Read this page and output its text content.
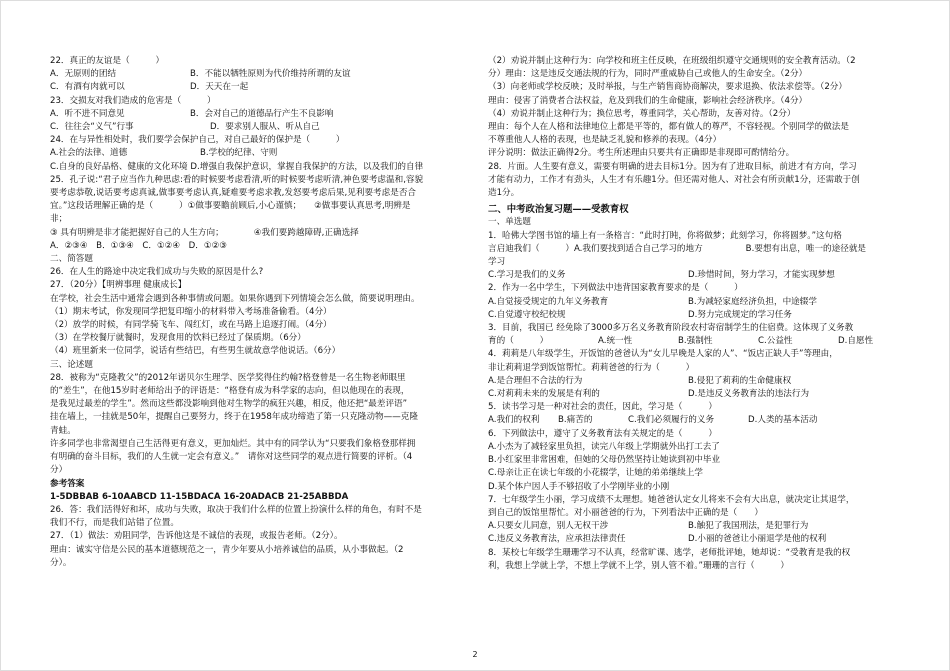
22．真正的友谊是（　　　）
A．无原则的团结	B．不能以牺牲原则为代价维持所谓的友谊
C．有酒有肉就可以	D．天天在一起
23．交损友对我们造成的危害是（　　　）
A．听不进不同意见	B．会对自己的道德品行产生不良影响
C．往往会“义气”行事	D．要求别人服从、听从自己
24．在与异性相处时，我们要学会保护自己，对自己最好的保护是（　　　）
A.社会的法律、道德	B.学校的纪律、守则
C.自身的良好品格、健康的文化环境 D.增强自我保护意识，掌握自我保护的方法，以及我们的自律
25．孔子说:“君子应当作九种思虑:看的时候要考虑看清,听的时候要考虑听清,神色要考虑温和,容貌
要考虑恭敬,说话要考虑真诚,做事要考虑认真,疑难要考虑求教,发怒要考虑后果,见利要考虑是否合
宜。”这段话理解正确的是（　　　）①做事要瞻前顾后,小心谨慎；　　②做事要认真思考,明辨是
非；
③ 具有明辨是非才能把握好自己的人生方向；　　　　④我们要跨越障碍,正确选择
A．②③④　B．①③④　C．①②④　D．①②③
二、简答题
26．在人生的路途中决定我们成功与失败的原因是什么?
27．（20分）【明辨事理 健康成长】
在学校，社会生活中通常会遇到各种事情或问题。如果你遇到下列情境会怎么做，简要说明理由。
（1）期末考试，你发现同学把复印缩小的材料带入考场准备偷看。（4分）
（2）放学的时候，有同学骑飞车、闯红灯，或在马路上追逐打闹。（4分）
（3）在学校餐厅就餐时，发现食用的饮料已经过了保质期。（6分）
（4）班里新来一位同学，说话有些结巴，有些男生就故意学他说话。（6分）
三、论述题
28．被称为“克隆教父”的2012年诺贝尔生理学、医学奖得住约翰?格登曾是一名生物老师眼里
的“差生”，在他15岁时老师给出予的评语是：“格登有成为科学家的志向，但以他现在的表现，
是我见过最差的学生”。然而这些都没影响到他对生物学的疯狂兴趣，相反，他还把“最差评语”
挂在墙上，一挂就是50年，提醒自己要努力，终于在1958年成功缔造了第一只克隆动物——克隆
青蛙。
许多同学也非常渴望自己生活得更有意义，更加灿烂。其中有的同学认为“只要我们象格登那样拥
有明确的奋斗目标，我们的人生就一定会有意义。”　请你对这些同学的观点进行简要的评析。（4
分）
参考答案
1-5DBBAB 6-10AABCD 11-15BDACA 16-20ADACB 21-25ABBDA
26．答：我们活得好和坏，成功与失败，取决于我们什么样的位置上扮演什么样的角色，有时不是
我们不行，而是我们站错了位置。
27．（1）做法：劝阻同学，告诉他这是不诚信的表现，或报告老师。（2分）。
理由：诚实守信是公民的基本道德规范之一，青少年要从小培养诚信的品质，从小事做起。（2
分）。
（2）劝说并制止这种行为：向学校和班主任反映，在班级组织遵守交通规则的安全教育活动。（2
分）理由：这是违反交通法规的行为，同时严重威胁自己或他人的生命安全。（2分）
（3）向老师或学校反映；及时举报，与生产销售商协商解决，要求退换、依法求偿等。（2分）
理由：侵害了消费者合法权益，危及到我们的生命健康，影响社会经济秩序。（4分）
（4）劝说并制止这种行为；换位思考，尊重同学，关心帮助，友善对待。（2分）
理由：每个人在人格和法律地位上都是平等的，都有做人的尊严，不容轻视。个别同学的做法是
不尊重他人人格的表现，也是缺乏礼貌和修养的表现。（4分）
评分说明：做法正确得2分。考生所述理由只要共有正确即是非现即可酌情给分。
28．片面。人生要有意义，需要有明确的进去目标1分。因为有了进取目标，前进才有方向，学习
才能有动力，工作才有劲头，人生才有乐趣1分。但还需对他人、对社会有所贡献1分，还需敢于创
造1分。
二、中考政治复习题——受教育权
一、单选题
1．哈佛大学图书馆的墙上有一条格言：“此时打盹，你将做梦；此刻学习，你将圆梦。”这句格
言启迪我们（　　　）A.我们要找到适合自己学习的地方　　　　　B.要想有出息，唯一的途径就是
学习
C.学习是我们的义务	D.珍惜时间，努力学习，才能实现梦想
2．作为一名中学生，下列做法中违背国家教育要求的是（　　　）
A.自觉接受规定的九年义务教育	B.为减轻家庭经济负担，中途辍学
C.自觉遵守校纪校规	D.努力完成规定的学习任务
3．目前，我国已 经免除了3000多万名义务教育阶段农村寄宿制学生的住宿费。这体现了义务教
育的（　　　）	A.统一性	B.强制性	C.公益性	D.自愿性
4．莉莉是八年级学生，开饭馆的爸爸认为“女儿早晚是人家的人”、“饭店正缺人手”等理由，
非让莉莉退学到饭馆帮忙。莉莉爸爸的行为（　　　）
A.是合理但不合法的行为	B.侵犯了莉莉的生命健康权
C.对莉莉未来的发展是有利的	D.是违反义务教育法的违法行为
5．读书学习是一种对社会的责任，因此，学习是（　　　）
A.我们的权利	B.痛苦的	C.我们必须履行的义务	D.人类的基本活动
6．下列做法中，遵守了义务教育法有关规定的是（　　　）
A.小杰为了减轻家里负担，读完八年级上学期就外出打工去了
B.小红家里非常困难，但她的父母仍然坚持让她读到初中毕业
C.母亲让正在读七年级的小花辍学，让她的弟弟继续上学
D.某个体户因人手不够招收了小学刚毕业的小刚
7．七年级学生小丽，学习成绩不太理想。她爸爸认定女儿将来不会有大出息，就决定让其退学，
到自己的饭馆里帮忙。对小丽爸爸的行为，下列看法中正确的是（　　）
A.只要女儿同意，别人无权干涉	B.触犯了我国刑法，是犯罪行为
C.违反义务教育法，应承担法律责任	D.小丽的爸爸让小丽退学是他的权利
8．某校七年级学生珊珊学习不认真，经常旷课、逃学，老师批评她，她却说：“受教育是我的权
利，我想上学就上学，不想上学就不上学，别人管不着。”珊珊的言行（　　　）
2
